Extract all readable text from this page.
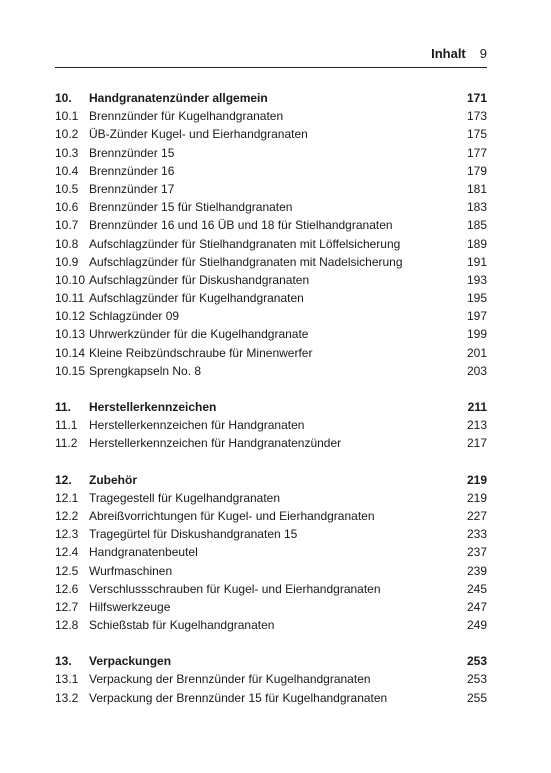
Inhalt 9
10.	Handgranatenzünder allgemein	171
10.1 Brennzünder für Kugelhandgranaten	173
10.2 ÜB-Zünder Kugel- und Eierhandgranaten	175
10.3 Brennzünder 15	177
10.4 Brennzünder 16	179
10.5 Brennzünder 17	181
10.6 Brennzünder 15 für Stielhandgranaten	183
10.7 Brennzünder 16 und 16 ÜB und 18 für Stielhandgranaten	185
10.8 Aufschlagzünder für Stielhandgranaten mit Löffelsicherung	189
10.9 Aufschlagzünder für Stielhandgranaten mit Nadelsicherung	191
10.10 Aufschlagzünder für Diskushandgranaten	193
10.11 Aufschlagzünder für Kugelhandgranaten	195
10.12 Schlagzünder 09	197
10.13 Uhrwerkzünder für die Kugelhandgranate	199
10.14 Kleine Reibzündschraube für Minenwerfer	201
10.15 Sprengkapseln No. 8	203
11.	Herstellerkennzeichen	211
11.1 Herstellerkennzeichen für Handgranaten	213
11.2 Herstellerkennzeichen für Handgranatenzünder	217
12.	Zubehör	219
12.1 Tragegestell für Kugelhandgranaten	219
12.2 Abreißvorrichtungen für Kugel- und Eierhandgranaten	227
12.3 Tragegürtel für Diskushandgranaten 15	233
12.4 Handgranatenbeutel	237
12.5 Wurfmaschinen	239
12.6 Verschlussschrauben für Kugel- und Eierhandgranaten	245
12.7 Hilfswerkzeuge	247
12.8 Schießstab für Kugelhandgranaten	249
13.	Verpackungen	253
13.1 Verpackung der Brennzünder für Kugelhandgranaten	253
13.2 Verpackung der Brennzünder 15 für Kugelhandgranaten	255
